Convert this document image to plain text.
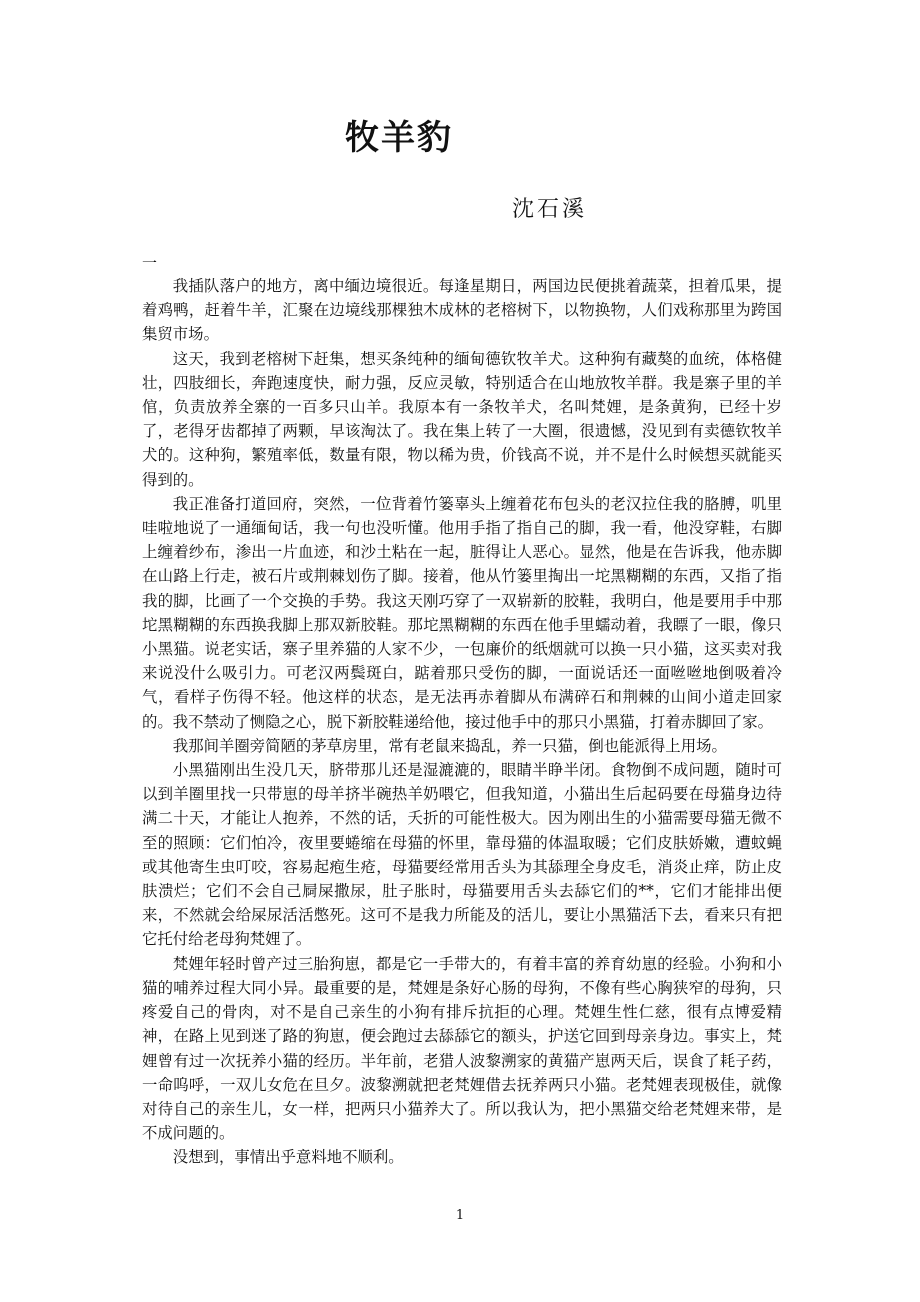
牧羊豹
沈石溪
一

我插队落户的地方，离中缅边境很近。每逢星期日，两国边民便挑着蔬菜，担着瓜果，提着鸡鸭，赶着牛羊，汇聚在边境线那棵独木成林的老榕树下，以物换物，人们戏称那里为跨国集贸市场。

这天，我到老榕树下赶集，想买条纯种的缅甸德钦牧羊犬。这种狗有藏獒的血统，体格健壮，四肢细长，奔跑速度快，耐力强，反应灵敏，特别适合在山地放牧羊群。我是寨子里的羊倌，负责放养全寨的一百多只山羊。我原本有一条牧羊犬，名叫梵娌，是条黄狗，已经十岁了，老得牙齿都掉了两颗，早该淘汰了。我在集上转了一大圈，很遗憾，没见到有卖德钦牧羊犬的。这种狗，繁殖率低，数量有限，物以稀为贵，价钱高不说，并不是什么时候想买就能买得到的。

我正准备打道回府，突然，一位背着竹篓辜头上缠着花布包头的老汉拉住我的胳膊，叽里哇啦地说了一通缅甸话，我一句也没听懂。他用手指了指自己的脚，我一看，他没穿鞋，右脚上缠着纱布，渗出一片血迹，和沙土粘在一起，脏得让人恶心。显然，他是在告诉我，他赤脚在山路上行走，被石片或荆棘划伤了脚。接着，他从竹篓里掏出一坨黑糊糊的东西，又指了指我的脚，比画了一个交换的手势。我这天刚巧穿了一双崭新的胶鞋，我明白，他是要用手中那坨黑糊糊的东西换我脚上那双新胶鞋。那坨黑糊糊的东西在他手里蠕动着，我瞟了一眼，像只小黑猫。说老实话，寨子里养猫的人家不少，一包廉价的纸烟就可以换一只小猫，这买卖对我来说没什么吸引力。可老汉两鬓斑白，踮着那只受伤的脚，一面说话还一面咝咝地倒吸着冷气，看样子伤得不轻。他这样的状态，是无法再赤着脚从布满碎石和荆棘的山间小道走回家的。我不禁动了恻隐之心，脱下新胶鞋递给他，接过他手中的那只小黑猫，打着赤脚回了家。

我那间羊圈旁简陋的茅草房里，常有老鼠来捣乱，养一只猫，倒也能派得上用场。

小黑猫刚出生没几天，脐带那儿还是湿漉漉的，眼睛半睁半闭。食物倒不成问题，随时可以到羊圈里找一只带崽的母羊挤半碗热羊奶喂它，但我知道，小猫出生后起码要在母猫身边待满二十天，才能让人抱养，不然的话，夭折的可能性极大。因为刚出生的小猫需要母猫无微不至的照顾：它们怕冷，夜里要蜷缩在母猫的怀里，靠母猫的体温取暖；它们皮肤娇嫩，遭蚊蝇或其他寄生虫叮咬，容易起疱生疮，母猫要经常用舌头为其舔理全身皮毛，消炎止痒，防止皮肤溃烂；它们不会自己屙屎撒尿，肚子胀时，母猫要用舌头去舔它们的**，它们才能排出便来，不然就会给屎尿活活憋死。这可不是我力所能及的活儿，要让小黑猫活下去，看来只有把它托付给老母狗梵娌了。

梵娌年轻时曾产过三胎狗崽，都是它一手带大的，有着丰富的养育幼崽的经验。小狗和小猫的哺养过程大同小异。最重要的是，梵娌是条好心肠的母狗，不像有些心胸狭窄的母狗，只疼爱自己的骨肉，对不是自己亲生的小狗有排斥抗拒的心理。梵娌生性仁慈，很有点博爱精神，在路上见到迷了路的狗崽，便会跑过去舔舔它的额头，护送它回到母亲身边。事实上，梵娌曾有过一次抚养小猫的经历。半年前，老猎人波黎溯家的黄猫产崽两天后，误食了耗子药，一命呜呼，一双儿女危在旦夕。波黎溯就把老梵娌借去抚养两只小猫。老梵娌表现极佳，就像对待自己的亲生儿，女一样，把两只小猫养大了。所以我认为，把小黑猫交给老梵娌来带，是不成问题的。

没想到，事情出乎意料地不顺利。

1
